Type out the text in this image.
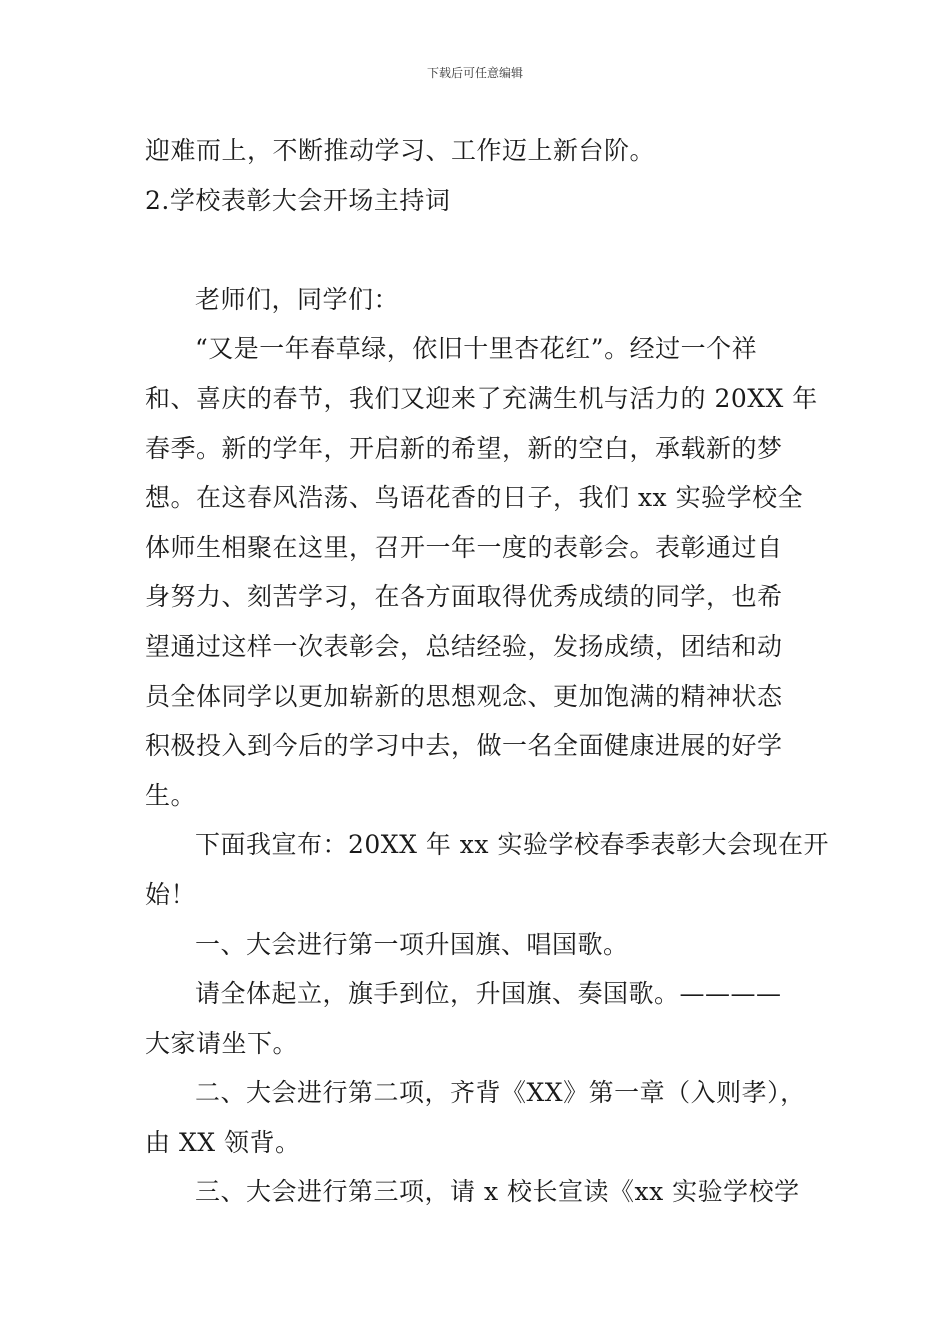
下载后可任意编辑
迎难而上，不断推动学习、工作迈上新台阶。
2.学校表彰大会开场主持词
老师们，同学们：
“又是一年春草绿，依旧十里杏花红”。经过一个祥
和、喜庆的春节，我们又迎来了充满生机与活力的 20XX 年
春季。新的学年，开启新的希望，新的空白，承载新的梦
想。在这春风浩荡、鸟语花香的日子，我们 xx 实验学校全
体师生相聚在这里，召开一年一度的表彰会。表彰通过自
身努力、刻苦学习，在各方面取得优秀成绩的同学，也希
望通过这样一次表彰会，总结经验，发扬成绩，团结和动
员全体同学以更加崭新的思想观念、更加饱满的精神状态
积极投入到今后的学习中去，做一名全面健康进展的好学
生。
下面我宣布：20XX 年 xx 实验学校春季表彰大会现在开
始！
一、大会进行第一项升国旗、唱国歌。
请全体起立，旗手到位，升国旗、奏国歌。————
大家请坐下。
二、大会进行第二项，齐背《XX》第一章（入则孝），
由 XX 领背。
三、大会进行第三项，请 x 校长宣读《xx 实验学校学
